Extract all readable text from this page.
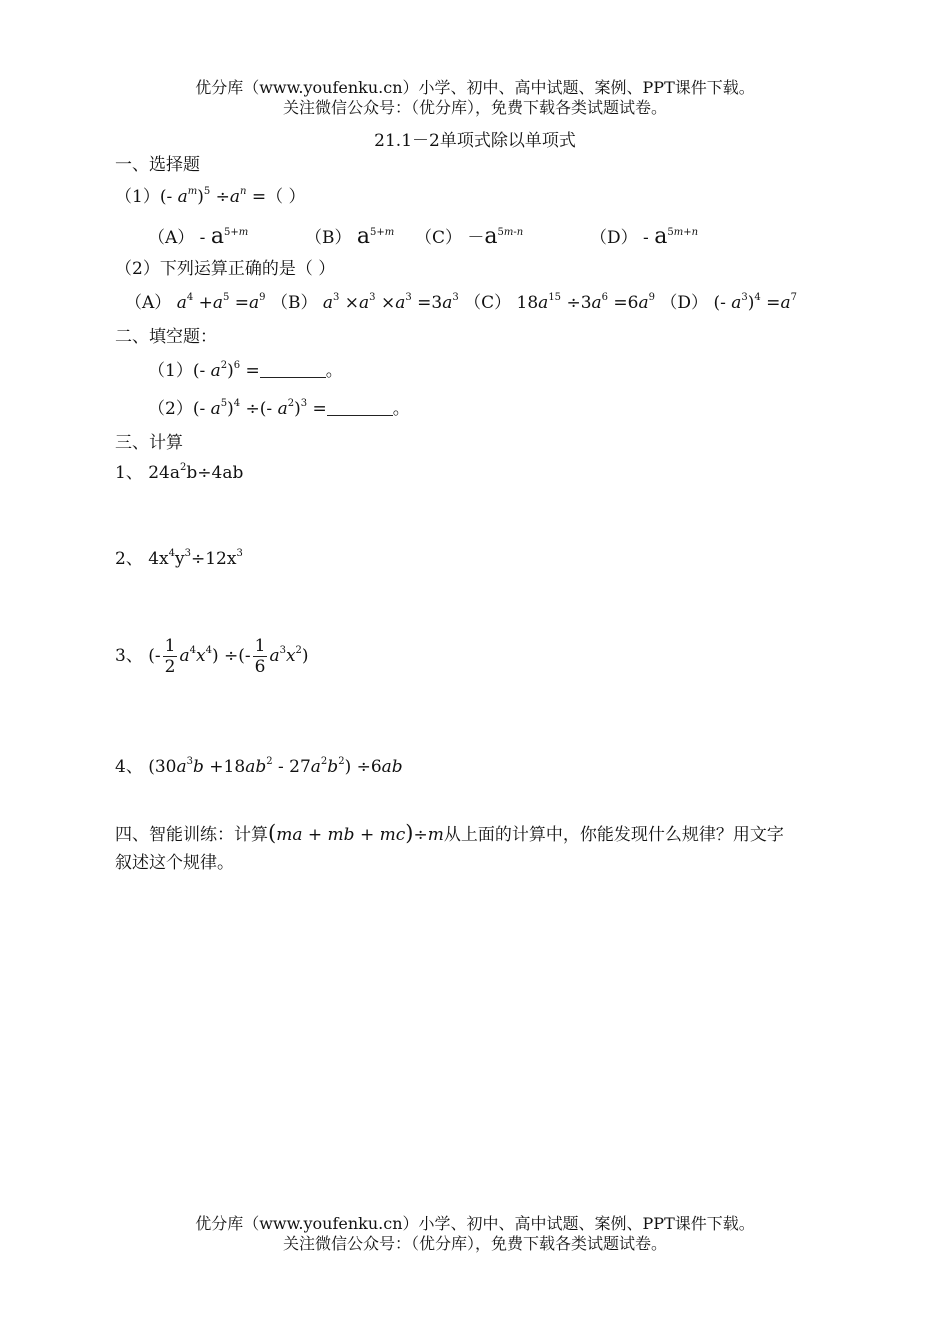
优分库（www.youfenku.cn）小学、初中、高中试题、案例、PPT课件下载。
关注微信公众号：（优分库），免费下载各类试题试卷。
21.1－2单项式除以单项式
一、选择题
（1）(- $a^m)^5 \div a^n$ =（ ）
$(A) - a^{5+m}$	（B） $a^{5+m}$ $(C) -a^{5m-n}$	$(D) - a^{5m+n}$
（2）下列运算正确的是（ ）
（A） $a^4 +a^5 =a^9$ （B） $a^3 \times a^3 \times a^3 =3a^3$ （C） $18a^{15} \div 3a^6 =6a^9$ （D） (- $a^3)^4 =a^7$
二、填空题：
（1）(- $a^2)^6$ =	。
（2）(- $a^5)^4$ ÷(- $a^2)^3$ =	。
三、计算
1、 $24a^2b\div 4ab$
2、 $4x^4y^3\div 12x^3$
3、 (- $\frac{1}{2} a^4x^4$) ÷(- $\frac{1}{6} a^3x^2$)
4、 $(30a^3b +18ab^2 - 27a^2b^2) \div 6ab$
四、智能训练：计算(ma + mb + mc)÷m从上面的计算中，你能发现什么规律？用文字
叙述这个规律。
优分库（www.youfenku.cn）小学、初中、高中试题、案例、PPT课件下载。
关注微信公众号：（优分库），免费下载各类试题试卷。
